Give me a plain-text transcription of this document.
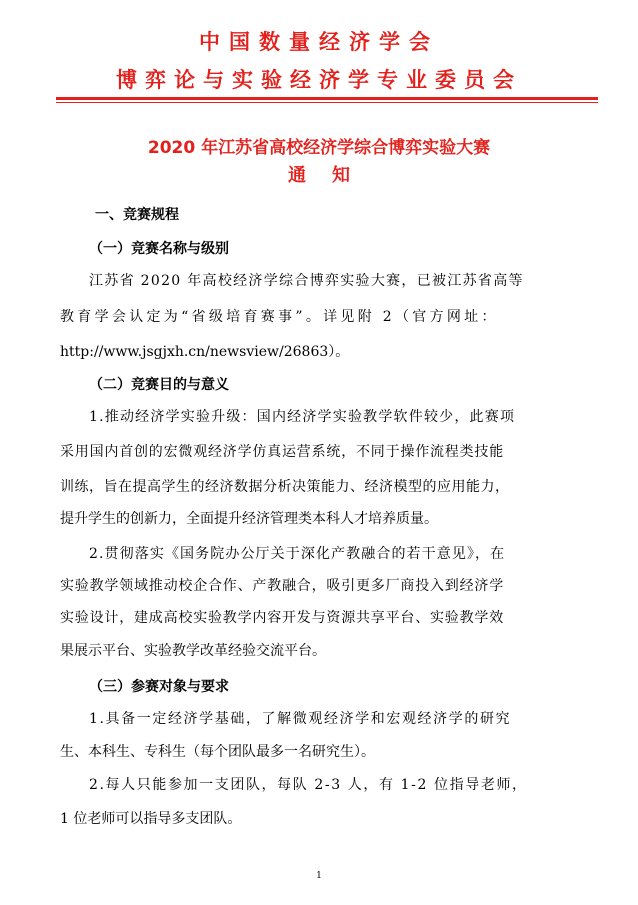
中国数量经济学会
博弈论与实验经济学专业委员会
2020 年江苏省高校经济学综合博弈实验大赛
通知
一、竞赛规程
（一）竞赛名称与级别
江苏省 2020 年高校经济学综合博弈实验大赛，已被江苏省高等
教育学会认定为“省级培育赛事”。详见附 2（官方网址：
http://www.jsgjxh.cn/newsview/26863）。
（二）竞赛目的与意义
1.推动经济学实验升级：国内经济学实验教学软件较少，此赛项
采用国内首创的宏微观经济学仿真运营系统，不同于操作流程类技能
训练，旨在提高学生的经济数据分析决策能力、经济模型的应用能力，
提升学生的创新力，全面提升经济管理类本科人才培养质量。
2.贯彻落实《国务院办公厅关于深化产教融合的若干意见》，在
实验教学领域推动校企合作、产教融合，吸引更多厂商投入到经济学
实验设计，建成高校实验教学内容开发与资源共享平台、实验教学效
果展示平台、实验教学改革经验交流平台。
（三）参赛对象与要求
1.具备一定经济学基础，了解微观经济学和宏观经济学的研究
生、本科生、专科生（每个团队最多一名研究生）。
2.每人只能参加一支团队，每队 2-3 人，有 1-2 位指导老师，
1 位老师可以指导多支团队。
1
